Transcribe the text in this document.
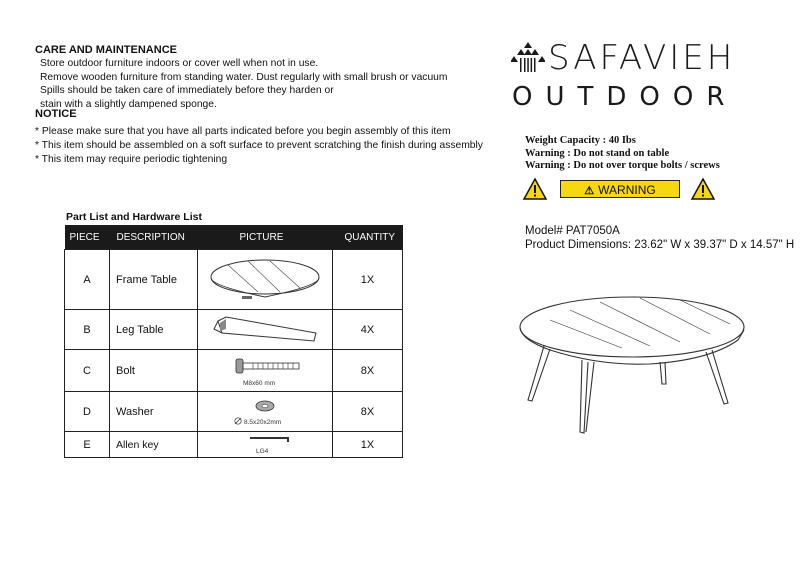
CARE AND MAINTENANCE
Store outdoor furniture indoors or cover well when not in use.
Remove wooden furniture from standing water. Dust regularly with small brush or vacuum
Spills should be taken care of immediately before they harden or
stain with a slightly dampened sponge.
NOTICE
* Please make sure that you have all parts indicated before you begin assembly of this item
* This item should be assembled on a soft surface to prevent scratching the finish during assembly
* This item may require periodic tightening
SAFAVIEH
OUTDOOR
Weight Capacity : 40 Ibs
Warning : Do not stand on table
Warning : Do not over torque bolts / screws
⚠ WARNING
Model# PAT7050A
Product Dimensions: 23.62" W x 39.37" D x 14.57" H
Part List and Hardware List
PIECE	DESCRIPTION	PICTURE	QUANTITY
A	Frame Table		1X
B	Leg Table		4X
C	Bolt	M8x60 mm	8X
D	Washer	8.5x20x2mm	8X
E	Allen key	LG4	1X
